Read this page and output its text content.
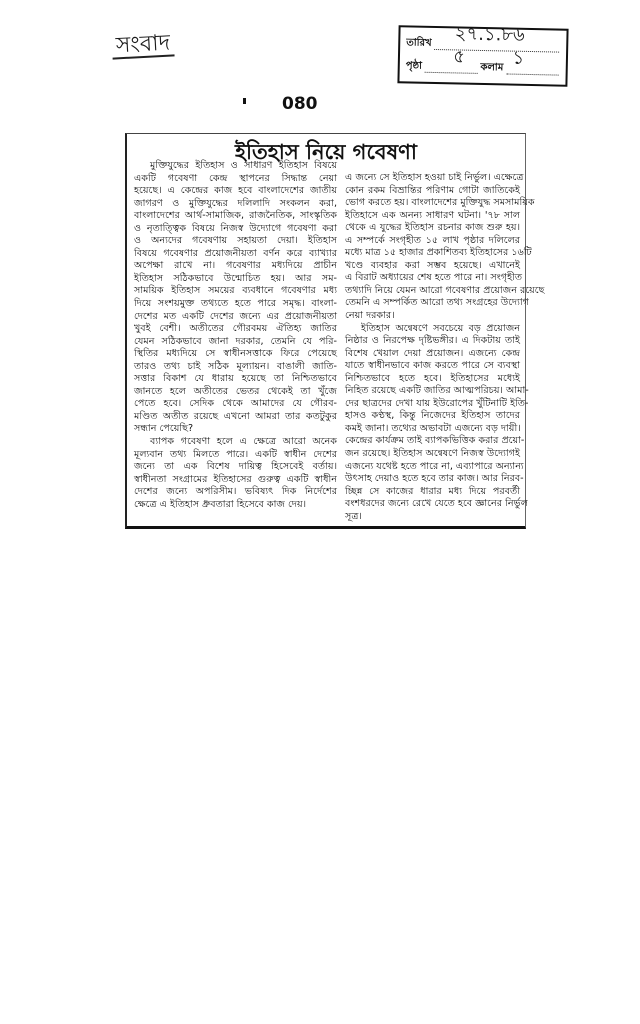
সংবাদ	তারিখ ২৭.১.৮৬
পৃষ্ঠা ৫
কলাম ১
080
ইতিহাস নিয়ে গবেষণা
মুক্তিযুদ্ধের ইতিহাস ও সাধারণ ইতিহাস বিষয়ে
একটি গবেষণা কেন্দ্র স্থাপনের সিদ্ধান্ত নেয়া
হয়েছে। এ কেন্দ্রের কাজ হবে বাংলাদেশের জাতীয়
জাগরণ ও মুক্তিযুদ্ধের দলিলাদি সংকলন করা,
বাংলাদেশের আর্থ-সামাজিক, রাজনৈতিক, সাংস্কৃতিক
ও নৃতাত্ত্বিক বিষয়ে নিজস্ব উদ্যোগে গবেষণা করা
ও অন্যদের গবেষণায় সহায়তা দেয়া। ইতিহাস
বিষয়ে গবেষণার প্রয়োজনীয়তা বর্ণন করে ব্যাখ্যার
অপেক্ষা রাখে না। গবেষণার মধ্যদিয়ে প্রাচীন
ইতিহাস সঠিকভাবে উন্মোচিত হয়। আর সম-
সাময়িক ইতিহাস সময়ের ব্যবধানে গবেষণার মধ্য
দিয়ে সংশয়মুক্ত তথ্যতে হতে পারে সমৃদ্ধ। বাংলা-
দেশের মত একটি দেশের জন্যে এর প্রয়োজনীয়তা
খুবই বেশী। অতীতের গৌরবময় ঐতিহ্য জাতির
যেমন সঠিকভাবে জানা দরকার, তেমনি যে পরি-
স্থিতির মধ্যদিয়ে সে স্বাধীনসত্তাকে ফিরে পেয়েছে
তারও তথ্য চাই সঠিক মূল্যায়ন। বাঙালী জাতি-
সত্তার বিকাশ যে ধারায় হয়েছে তা নিশ্চিতভাবে
জানতে হলে অতীতের ভেতর থেকেই তা খুঁজে
পেতে হবে। সেদিক থেকে আমাদের যে গৌরব-
মণ্ডিত অতীত রয়েছে এখনো আমরা তার কতটুকুর
সন্ধান পেয়েছি?
ব্যাপক গবেষণা হলে এ ক্ষেত্রে আরো অনেক
মূল্যবান তথ্য মিলতে পারে। একটি স্বাধীন দেশের
জন্যে তা এক বিশেষ দায়িত্ব হিসেবেই বর্তায়।
স্বাধীনতা সংগ্রামের ইতিহাসের গুরুত্ব একটি স্বাধীন
দেশের জন্যে অপরিসীম। ভবিষ্যৎ দিক নির্দেশের
ক্ষেত্রে এ ইতিহাস ধ্রুবতারা হিসেবে কাজ দেয়।
এ জন্যে সে ইতিহাস হওয়া চাই নির্ভুল। এক্ষেত্রে
কোন রকম বিভ্রান্তির পরিণাম গোটা জাতিকেই
ভোগ করতে হয়। বাংলাদেশের মুক্তিযুদ্ধ সমসাময়িক
ইতিহাসে এক অনন্য সাধারণ ঘটনা। '৭৮ সাল
থেকে এ যুদ্ধের ইতিহাস রচনার কাজ শুরু হয়।
এ সম্পর্কে সংগৃহীত ১৫ লাখ পৃষ্ঠার দলিলের
মধ্যে মাত্র ১৫ হাজার প্রকাশিতব্য ইতিহাসের ১৬টি
খণ্ডে ব্যবহার করা সম্ভব হয়েছে। এখানেই
এ বিরাট অধ্যায়ের শেষ হতে পারে না। সংগৃহীত
তথ্যাদি নিয়ে যেমন আরো গবেষণার প্রয়োজন রয়েছে
তেমনি এ সম্পর্কিত আরো তথ্য সংগ্রহের উদ্যোগ
নেয়া দরকার।
ইতিহাস অন্বেষণে সবচেয়ে বড় প্রয়োজন
নিষ্ঠার ও নিরপেক্ষ দৃষ্টিভঙ্গীর। এ দিকটায় তাই
বিশেষ খেয়াল দেয়া প্রয়োজন। এজন্যে কেন্দ্র
যাতে স্বাধীনভাবে কাজ করতে পারে সে ব্যবস্থা
নিশ্চিতভাবে হতে হবে। ইতিহাসের মধ্যেই
নিহিত রয়েছে একটি জাতির আত্মপরিচয়। আমা-
দের ছাত্রদের দেখা যায় ইউরোপের খুঁটিনাটি ইতি-
হাসও কণ্ঠস্থ, কিন্তু নিজেদের ইতিহাস তাদের
কমই জানা। তথ্যের অভাবটা এজন্যে বড় দায়ী।
কেন্দ্রের কার্যক্রম তাই ব্যাপকভিত্তিক করার প্রয়ো-
জন রয়েছে। ইতিহাস অন্বেষণে নিজস্ব উদ্যোগই
এজন্যে যথেষ্ট হতে পারে না, এব্যাপারে অন্যান্য
উৎসাহ দেয়াও হতে হবে তার কাজ। আর নিরব-
চ্ছিন্ন সে কাজের ধারার মধ্য দিয়ে পরবর্তী
বংশধরদের জন্যে রেখে যেতে হবে জ্ঞানের নির্ভুল
সূত্র।
